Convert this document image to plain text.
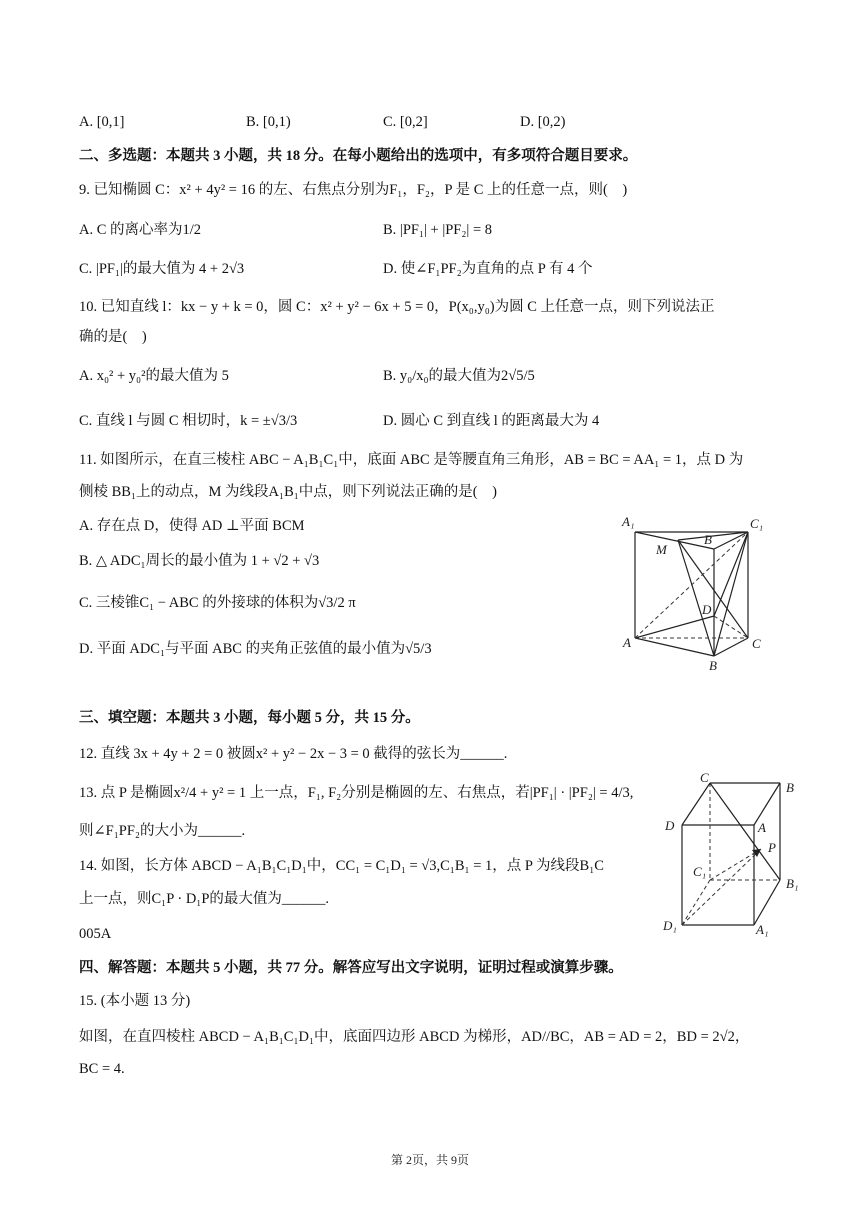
A. [0,1]	B. [0,1)	C. [0,2]	D. [0,2)
二、多选题：本题共 3 小题，共 18 分。在每小题给出的选项中，有多项符合题目要求。
9. 已知椭圆 C：x² + 4y² = 16 的左、右焦点分别为F₁，F₂，P 是 C 上的任意一点，则(　)
A. C 的离心率为1/2	B. |PF₁| + |PF₂| = 8
C. |PF₁|的最大值为 4 + 2√3	D. 使∠F₁PF₂为直角的点 P 有 4 个
10. 已知直线 l：kx − y + k = 0，圆 C：x² + y² − 6x + 5 = 0，P(x₀,y₀)为圆 C 上任意一点，则下列说法正
确的是(　)
A. x₀² + y₀²的最大值为 5	B. y₀/x₀的最大值为2√5/5
C. 直线 l 与圆 C 相切时，k = ±√3/3	D. 圆心 C 到直线 l 的距离最大为 4
11. 如图所示，在直三棱柱 ABC − A₁B₁C₁中，底面 ABC 是等腰直角三角形，AB = BC = AA₁ = 1，点 D 为
侧棱 BB₁上的动点，M 为线段A₁B₁中点，则下列说法正确的是(　)
A. 存在点 D，使得 AD ⊥平面 BCM
B. △ ADC₁周长的最小值为 1 + √2 + √3
C. 三棱锥C₁ − ABC 的外接球的体积为√3/2 π
D. 平面 ADC₁与平面 ABC 的夹角正弦值的最小值为√5/3
A₁	C₁
M
B
D
A	C
B
三、填空题：本题共 3 小题，每小题 5 分，共 15 分。
12. 直线 3x + 4y + 2 = 0 被圆x² + y² − 2x − 3 = 0 截得的弦长为______.
13. 点 P 是椭圆x²/4 + y² = 1 上一点，F₁, F₂分别是椭圆的左、右焦点，若|PF₁| · |PF₂| = 4/3,
则∠F₁PF₂的大小为______.
14. 如图，长方体 ABCD − A₁B₁C₁D₁中，CC₁ = C₁D₁ = √3,C₁B₁ = 1，点 P 为线段B₁C
上一点，则C₁P · D₁P的最大值为______.
C
B
D	A
P
C₁
B₁
D₁	A₁
005A
四、解答题：本题共 5 小题，共 77 分。解答应写出文字说明，证明过程或演算步骤。
15. (本小题 13 分)
如图，在直四棱柱 ABCD − A₁B₁C₁D₁中，底面四边形 ABCD 为梯形，AD//BC，AB = AD = 2，BD = 2√2，
BC = 4.
第 2页，共 9页
